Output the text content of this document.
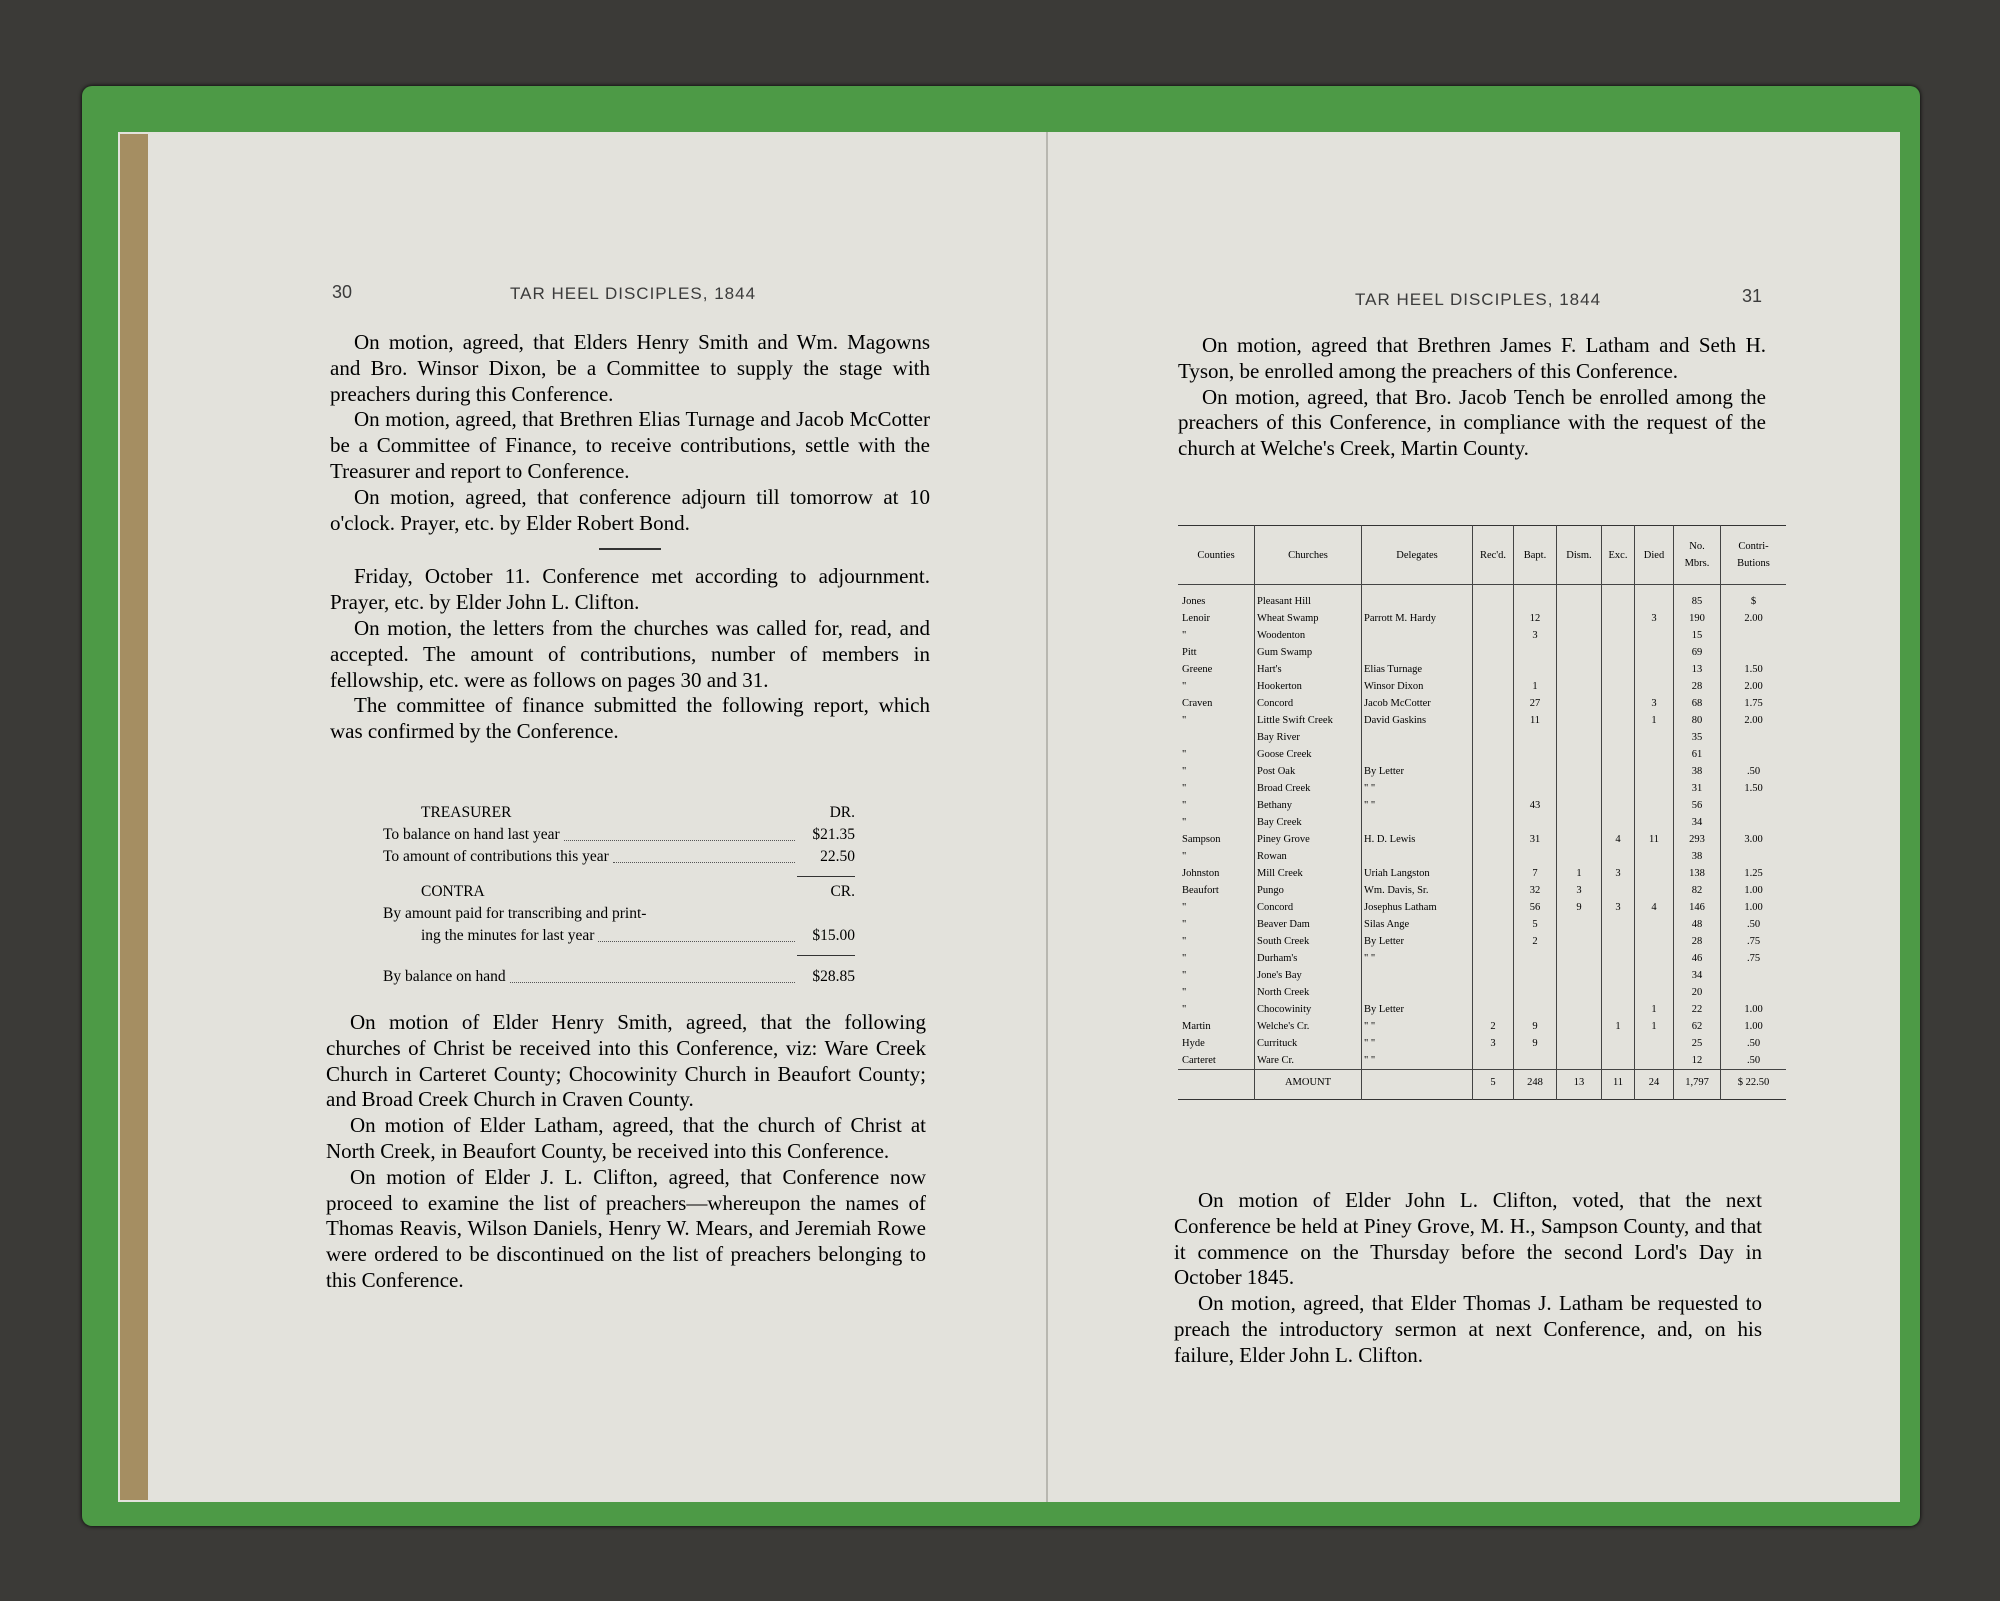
30	TAR HEEL DISCIPLES, 1844

On motion, agreed, that Elders Henry Smith and Wm. Magowns and Bro. Winsor Dixon, be a Committee to supply the stage with preachers during this Conference.

On motion, agreed, that Brethren Elias Turnage and Jacob McCotter be a Committee of Finance, to receive contributions, settle with the Treasurer and report to Conference.

On motion, agreed, that conference adjourn till tomorrow at 10 o'clock. Prayer, etc. by Elder Robert Bond.

Friday, October 11. Conference met according to adjournment. Prayer, etc. by Elder John L. Clifton.

On motion, the letters from the churches was called for, read, and accepted. The amount of contributions, number of members in fellowship, etc. were as follows on pages 30 and 31.

The committee of finance submitted the following report, which was confirmed by the Conference.

TREASURER	DR.
To balance on hand last year	$21.35
To amount of contributions this year	22.50
CONTRA	CR.
By amount paid for transcribing and print-
ing the minutes for last year	$15.00
By balance on hand	$28.85

On motion of Elder Henry Smith, agreed, that the following churches of Christ be received into this Conference, viz: Ware Creek Church in Carteret County; Chocowinity Church in Beaufort County; and Broad Creek Church in Craven County.

On motion of Elder Latham, agreed, that the church of Christ at North Creek, in Beaufort County, be received into this Conference.

On motion of Elder J. L. Clifton, agreed, that Conference now proceed to examine the list of preachers—whereupon the names of Thomas Reavis, Wilson Daniels, Henry W. Mears, and Jeremiah Rowe were ordered to be discontinued on the list of preachers belonging to this Conference.

TAR HEEL DISCIPLES, 1844	31

On motion, agreed that Brethren James F. Latham and Seth H. Tyson, be enrolled among the preachers of this Conference.

On motion, agreed, that Bro. Jacob Tench be enrolled among the preachers of this Conference, in compliance with the request of the church at Welche's Creek, Martin County.

Counties	Churches	Delegates	Rec'd.	Bapt.	Dism.	Exc.	Died	No. Mbrs.	Contri-Butions
Jones	Pleasant Hill							85	$
Lenoir	Wheat Swamp	Parrott M. Hardy		12			3	190	2.00
"	Woodenton			3				15	
Pitt	Gum Swamp							69	
Greene	Hart's	Elias Turnage						13	1.50
"	Hookerton	Winsor Dixon		1				28	2.00
Craven	Concord	Jacob McCotter		27			3	68	1.75
"	Little Swift Creek	David Gaskins		11			1	80	2.00
	Bay River							35	
"	Goose Creek							61	
"	Post Oak	By Letter						38	.50
"	Broad Creek	" "						31	1.50
"	Bethany	" "		43				56	
"	Bay Creek							34	
Sampson	Piney Grove	H. D. Lewis		31		4	11	293	3.00
"	Rowan							38	
Johnston	Mill Creek	Uriah Langston		7	1	3		138	1.25
Beaufort	Pungo	Wm. Davis, Sr.		32	3			82	1.00
"	Concord	Josephus Latham		56	9	3	4	146	1.00
"	Beaver Dam	Silas Ange		5				48	.50
"	South Creek	By Letter		2				28	.75
"	Durham's	" "						46	.75
"	Jone's Bay							34	
"	North Creek							20	
"	Chocowinity	By Letter					1	22	1.00
Martin	Welche's Cr.	" "	2	9		1	1	62	1.00
Hyde	Currituck	" "	3	9				25	.50
Carteret	Ware Cr.	" "						12	.50
	AMOUNT		5	248	13	11	24	1,797	$ 22.50

On motion of Elder John L. Clifton, voted, that the next Conference be held at Piney Grove, M. H., Sampson County, and that it commence on the Thursday before the second Lord's Day in October 1845.

On motion, agreed, that Elder Thomas J. Latham be requested to preach the introductory sermon at next Conference, and, on his failure, Elder John L. Clifton.
